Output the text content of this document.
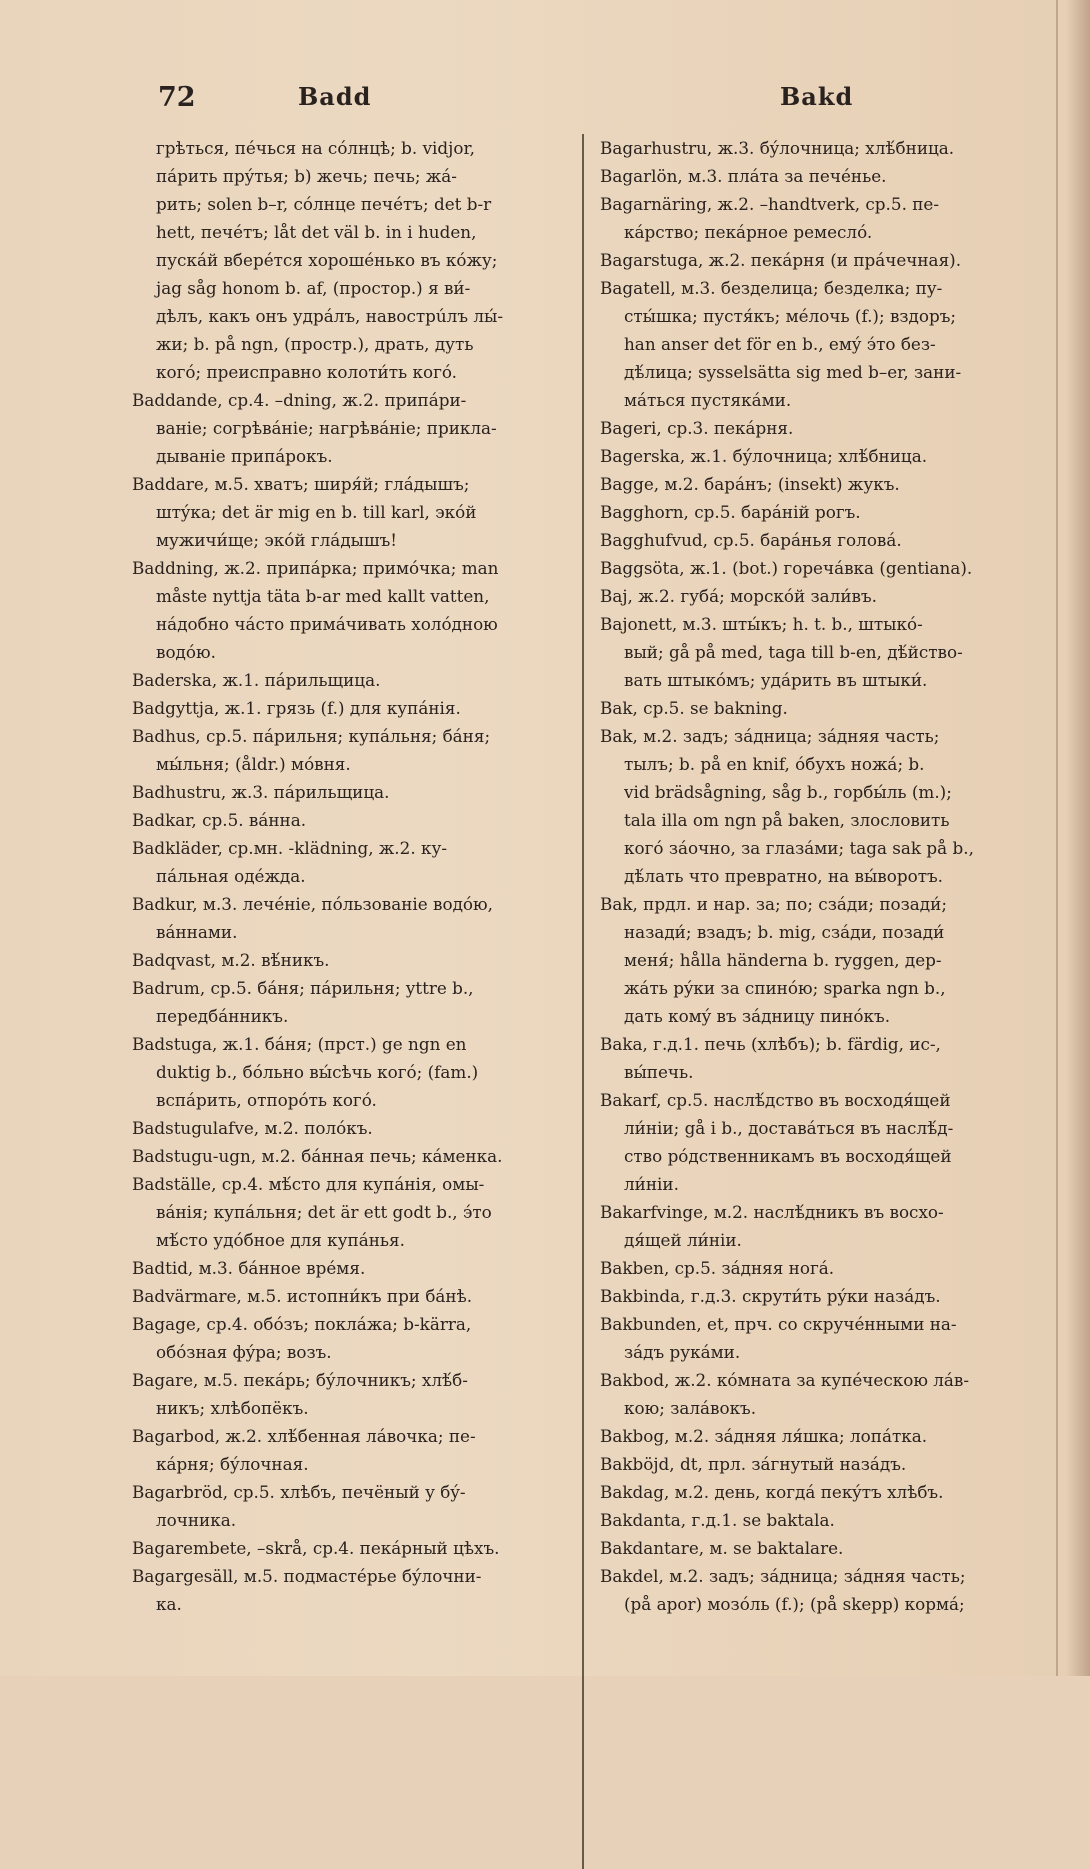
72	Badd	Bakd

грѣться, пéчься на сóлнцѣ; b. vidjor,

пáрить прýтья; b) жечь; печь; жá-

рить; solen b–r, сóлнце печéтъ; det b-r

hett, печéтъ; låt det väl b. in i huden,

пускáй вберéтся хорошéнько въ кóжу;

jag såg honom b. af, (простор.) я ви́-

дѣлъ, какъ онъ удрáлъ, навострúлъ лы́-

жи; b. på ngn, (простр.), драть, дуть

когó; преисправно колоти́ть когó.

Baddande, ср.4. –dning, ж.2. припáри-

ваніе; согрѣвáніе; нагрѣвáніе; прикла-

дываніе припáрокъ.

Baddare, м.5. хватъ; ширя́й; глáдышъ;

штýка; det är mig en b. till karl, экóй

мужичи́ще; экóй глáдышъ!

Baddning, ж.2. припáрка; примóчка; man

måste nyttja täta b-ar med kallt vatten,

нáдобно чáсто примáчивать холóдною

водóю.

Baderska, ж.1. пáрильщица.

Badgyttja, ж.1. грязь (f.) для купáнія.

Badhus, ср.5. пáрильня; купáльня; бáня;

мы́льня; (åldr.) мóвня.

Badhustru, ж.3. пáрильщица.

Badkar, ср.5. вáнна.

Badkläder, ср.мн. -klädning, ж.2. ку-

пáльная одéжда.

Badkur, м.3. лечéніе, пóльзованіе водóю,

вáннами.

Badqvast, м.2. вѣ́никъ.

Badrum, ср.5. бáня; пáрильня; yttre b.,

передбáнникъ.

Badstuga, ж.1. бáня; (прст.) ge ngn en

duktig b., бóльно вы́сѣчь когó; (fam.)

вспáрить, отпорóть когó.

Badstugulafve, м.2. полóкъ.

Badstugu-ugn, м.2. бáнная печь; кáменка.

Badställe, ср.4. мѣ́сто для купáнія, омы-

вáнія; купáльня; det är ett godt b., э́то

мѣ́сто удóбное для купáнья.

Badtid, м.3. бáнное врéмя.

Badvärmare, м.5. истопни́къ при бáнѣ.

Bagage, ср.4. обóзъ; поклáжа; b-kärra,

обóзная фýра; возъ.

Bagare, м.5. пекáрь; бýлочникъ; хлѣ́б-

никъ; хлѣбопёкъ.

Bagarbod, ж.2. хлѣ́бенная лáвочка; пе-

кáрня; бýлочная.

Bagarbröd, ср.5. хлѣбъ, печёный у бý-

лочника.

Bagarembete, –skrå, ср.4. пекáрный цѣхъ.

Bagargesäll, м.5. подмастéрье бýлочни-

ка.

Bagarhustru, ж.3. бýлочница; хлѣ́бница.

Bagarlön, м.3. плáта за печéнье.

Bagarnäring, ж.2. –handtverk, ср.5. пе-

кáрство; пекáрное ремеслó.

Bagarstuga, ж.2. пекáрня (и прáчечная).

Bagatell, м.3. безделица; безделка; пу-

сты́шка; пустя́къ; мéлочь (f.); вздоръ;

han anser det för en b., емý э́то без-

дѣ́лица; sysselsätta sig med b–er, зани-

мáться пустякáми.

Bageri, ср.3. пекáрня.

Bagerska, ж.1. бýлочница; хлѣ́бница.

Bagge, м.2. барáнъ; (insekt) жукъ.

Bagghorn, ср.5. барáній рогъ.

Bagghufvud, ср.5. барáнья головá.

Baggsöta, ж.1. (bot.) горечáвка (gentiana).

Baj, ж.2. губá; морскóй зали́въ.

Bajonett, м.3. шты́къ; h. t. b., штыкó-

вый; gå på med, taga till b-en, дѣ́йство-

вать штыкóмъ; удáрить въ штыки́.

Bak, ср.5. se bakning.

Bak, м.2. задъ; зáдница; зáдняя часть;

тылъ; b. på en knif, óбухъ ножá; b.

vid brädsågning, såg b., горбы́ль (m.);

tala illa om ngn på baken, злословить

когó зáочно, за глазáми; taga sak på b.,

дѣ́лать что превратно, на вы́воротъ.

Bak, прдл. и нар. за; по; сзáди; позади́;

назади́; взадъ; b. mig, сзáди, позади́

меня́; hålla händerna b. ryggen, дер-

жáть рýки за спинóю; sparka ngn b.,

дать комý въ зáдницу пинóкъ.

Baka, г.д.1. печь (хлѣбъ); b. färdig, ис-,

вы́печь.

Bakarf, ср.5. наслѣ́дство въ восходя́щей

ли́ніи; gå i b., доставáться въ наслѣ́д-

ство рóдственникамъ въ восходя́щей

ли́ніи.

Bakarfvinge, м.2. наслѣ́дникъ въ восхо-

дя́щей ли́ніи.

Bakben, ср.5. зáдняя ногá.

Bakbinda, г.д.3. скрути́ть рýки назáдъ.

Bakbunden, et, прч. со скручéнными на-

зáдъ рукáми.

Bakbod, ж.2. кóмната за купéческою лáв-

кою; залáвокъ.

Bakbog, м.2. зáдняя ля́шка; лопáтка.

Bakböjd, dt, прл. зáгнутый назáдъ.

Bakdag, м.2. день, когдá пекýтъ хлѣбъ.

Bakdanta, г.д.1. se baktala.

Bakdantare, м. se baktalare.

Bakdel, м.2. задъ; зáдница; зáдняя часть;

(på apor) мозóль (f.); (på skepp) кормá;
